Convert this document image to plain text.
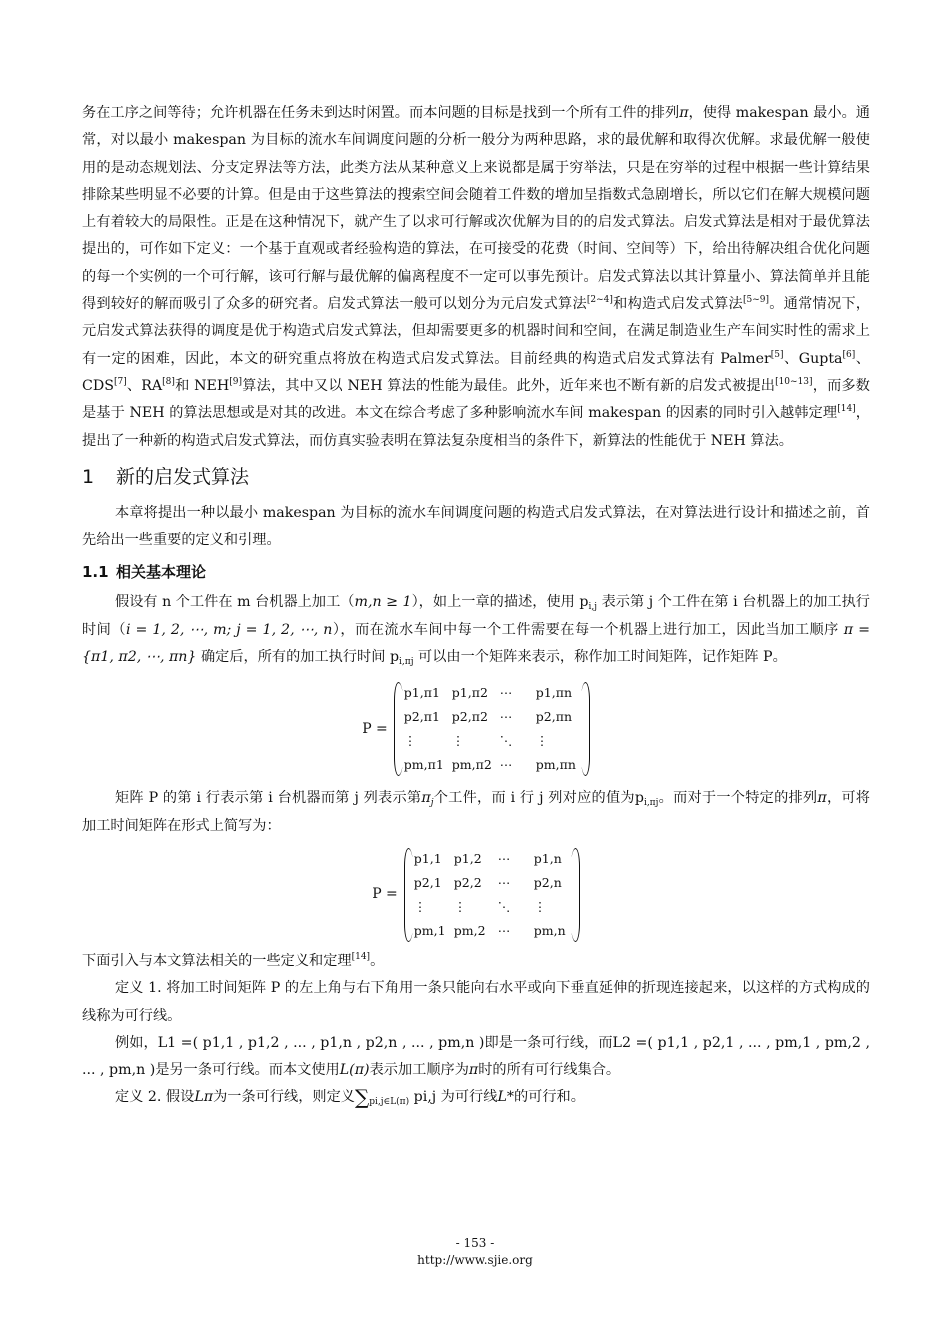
务在工序之间等待；允许机器在任务未到达时闲置。而本问题的目标是找到一个所有工件的排列π，使得 makespan 最小。通常，对以最小 makespan 为目标的流水车间调度问题的分析一般分为两种思路，求的最优解和取得次优解。求最优解一般使用的是动态规划法、分支定界法等方法，此类方法从某种意义上来说都是属于穷举法，只是在穷举的过程中根据一些计算结果排除某些明显不必要的计算。但是由于这些算法的搜索空间会随着工件数的增加呈指数式急剧增长，所以它们在解大规模问题上有着较大的局限性。正是在这种情况下，就产生了以求可行解或次优解为目的的启发式算法。启发式算法是相对于最优算法提出的，可作如下定义：一个基于直观或者经验构造的算法，在可接受的花费（时间、空间等）下，给出待解决组合优化问题的每一个实例的一个可行解，该可行解与最优解的偏离程度不一定可以事先预计。启发式算法以其计算量小、算法简单并且能得到较好的解而吸引了众多的研究者。启发式算法一般可以划分为元启发式算法[2~4]和构造式启发式算法[5~9]。通常情况下，元启发式算法获得的调度是优于构造式启发式算法，但却需要更多的机器时间和空间，在满足制造业生产车间实时性的需求上有一定的困难，因此，本文的研究重点将放在构造式启发式算法。目前经典的构造式启发式算法有 Palmer[5]、Gupta[6]、CDS[7]、RA[8]和 NEH[9]算法，其中又以 NEH 算法的性能为最佳。此外，近年来也不断有新的启发式被提出[10~13]，而多数是基于 NEH 的算法思想或是对其的改进。本文在综合考虑了多种影响流水车间 makespan 的因素的同时引入越韩定理[14]，提出了一种新的构造式启发式算法，而仿真实验表明在算法复杂度相当的条件下，新算法的性能优于 NEH 算法。

1 新的启发式算法

本章将提出一种以最小 makespan 为目标的流水车间调度问题的构造式启发式算法，在对算法进行设计和描述之前，首先给出一些重要的定义和引理。

1.1 相关基本理论

假设有 n 个工件在 m 台机器上加工（m,n ≥ 1），如上一章的描述，使用 $p_{i,j}$ 表示第 j 个工件在第 i 台机器上的加工执行时间（i = 1, 2, ⋯, m; j = 1, 2, ⋯, n），而在流水车间中每一个工件需要在每一个机器上进行加工，因此当加工顺序 π = {π1, π2, ⋯, πn} 确定后，所有的加工执行时间 $p_{i,\pi j}$ 可以由一个矩阵来表示，称作加工时间矩阵，记作矩阵 P。

P =
p1,π1 p1,π2 ⋯	p1,πn
p2,π1 p2,π2 ⋯	p2,πn
⋮	⋮	⋱	⋮
pm,π1 pm,π2 ⋯	pm,πn

矩阵 P 的第 i 行表示第 i 台机器而第 j 列表示第$\pi_j$个工件，而 i 行 j 列对应的值为$p_{i,\pi j}$。而对于一个特定的排列π，可将加工时间矩阵在形式上简写为：

P =
p1,1 p1,2	⋯	p1,n
p2,1 p2,2	⋯	p2,n
⋮	⋮	⋱	⋮
pm,1 pm,2 ⋯	pm,n

下面引入与本文算法相关的一些定义和定理[14]。

定义 1. 将加工时间矩阵 P 的左上角与右下角用一条只能向右水平或向下垂直延伸的折现连接起来，以这样的方式构成的线称为可行线。

例如，L1 =( p1,1 , p1,2 , ... , p1,n , p2,n , ... , pm,n )即是一条可行线，而L2 =( p1,1 , p2,1 , ... , pm,1 , pm,2 , ... , pm,n )是另一条可行线。而本文使用L(π)表示加工顺序为π时的所有可行线集合。

定义 2. 假设Lπ为一条可行线，则定义$\sum_{pi,j\in L(\pi)}$ pi,j 为可行线L*的可行和。

- 153 -
http://www.sjie.org
